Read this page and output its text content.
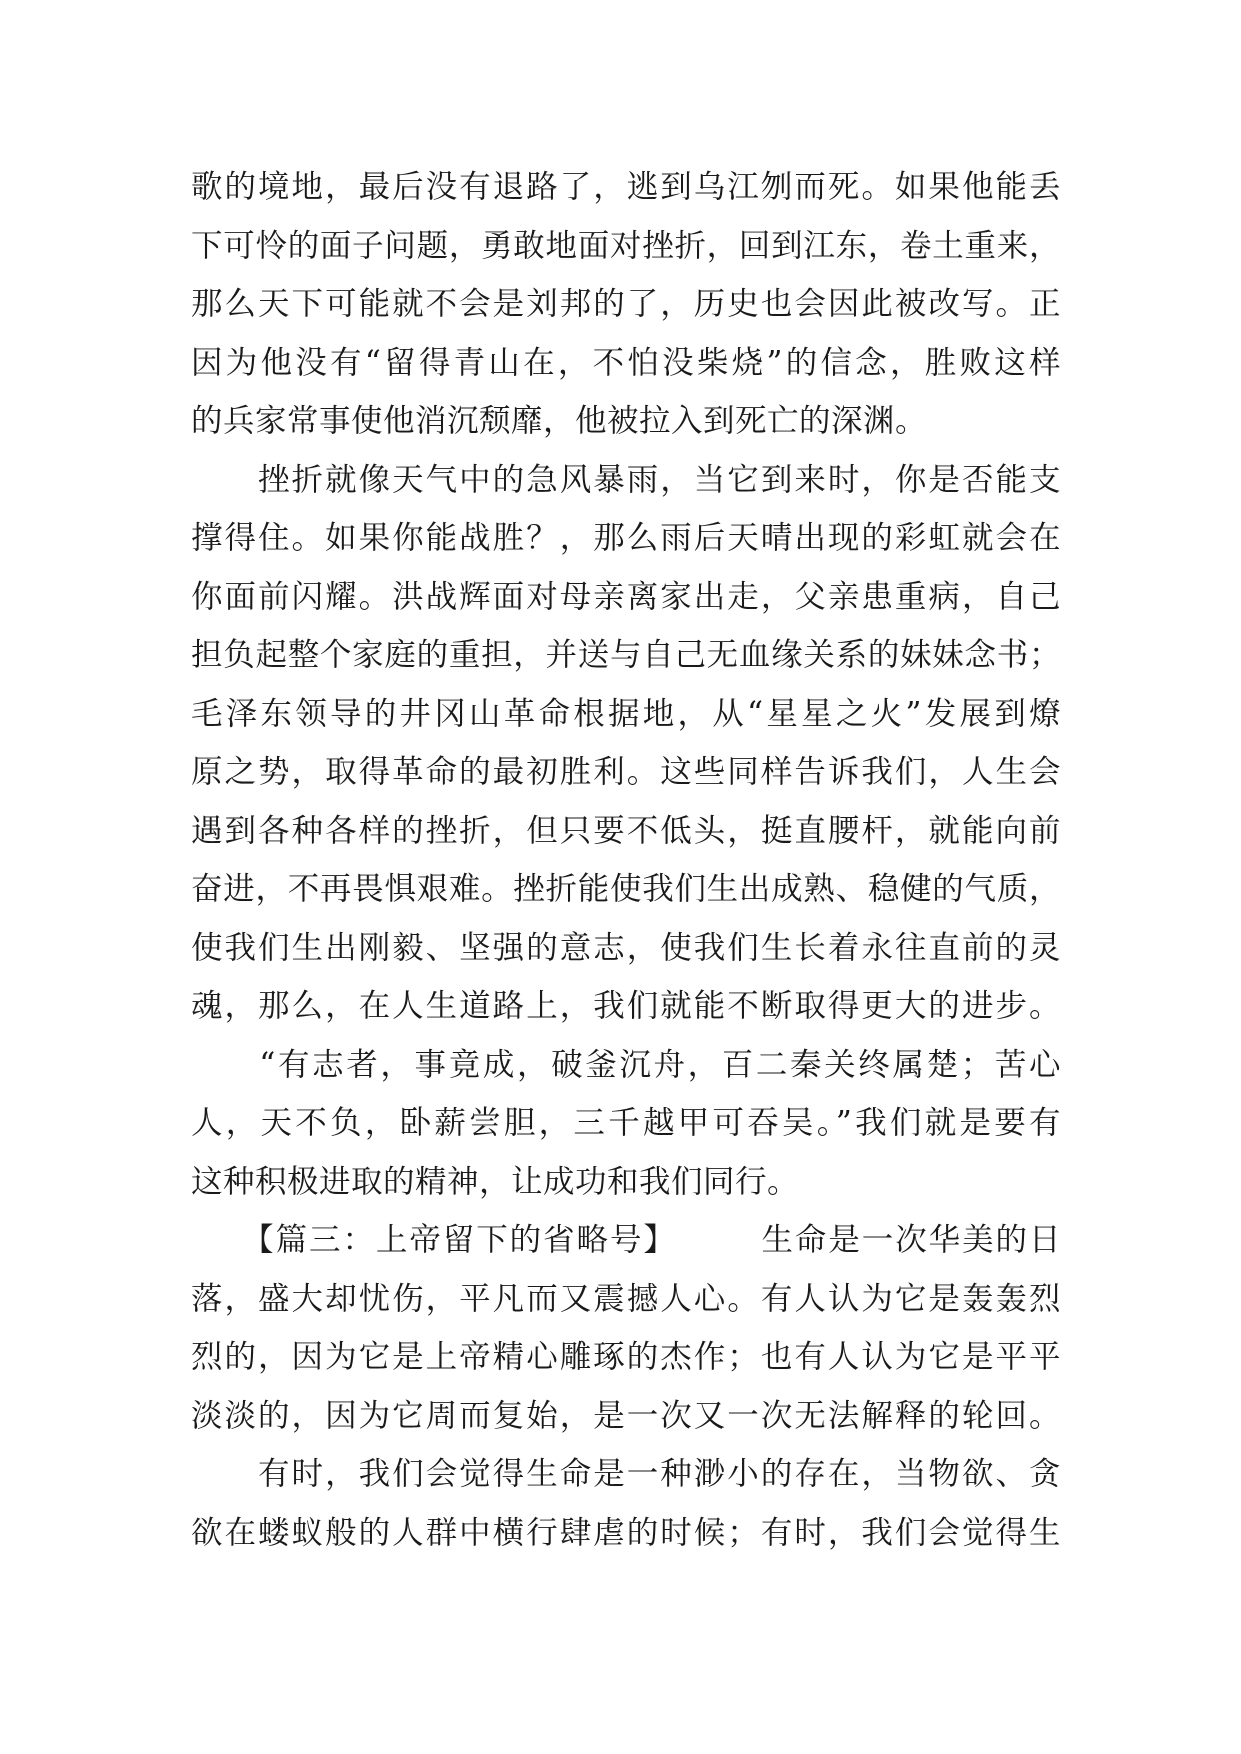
歌的境地，最后没有退路了，逃到乌江刎而死。如果他能丢
下可怜的面子问题，勇敢地面对挫折，回到江东，卷土重来，
那么天下可能就不会是刘邦的了，历史也会因此被改写。正
因为他没有“留得青山在，不怕没柴烧”的信念，胜败这样
的兵家常事使他消沉颓靡，他被拉入到死亡的深渊。
　　挫折就像天气中的急风暴雨，当它到来时，你是否能支
撑得住。如果你能战胜？，那么雨后天晴出现的彩虹就会在
你面前闪耀。洪战辉面对母亲离家出走，父亲患重病，自己
担负起整个家庭的重担，并送与自己无血缘关系的妹妹念书；
毛泽东领导的井冈山革命根据地，从“星星之火”发展到燎
原之势，取得革命的最初胜利。这些同样告诉我们，人生会
遇到各种各样的挫折，但只要不低头，挺直腰杆，就能向前
奋进，不再畏惧艰难。挫折能使我们生出成熟、稳健的气质，
使我们生出刚毅、坚强的意志，使我们生长着永往直前的灵
魂，那么，在人生道路上，我们就能不断取得更大的进步。
　　“有志者，事竟成，破釜沉舟，百二秦关终属楚；苦心
人，天不负，卧薪尝胆，三千越甲可吞吴。”我们就是要有
这种积极进取的精神，让成功和我们同行。
　　【篇三：上帝留下的省略号】　　　生命是一次华美的日
落，盛大却忧伤，平凡而又震撼人心。有人认为它是轰轰烈
烈的，因为它是上帝精心雕琢的杰作；也有人认为它是平平
淡淡的，因为它周而复始，是一次又一次无法解释的轮回。
　　有时，我们会觉得生命是一种渺小的存在，当物欲、贪
欲在蝼蚁般的人群中横行肆虐的时候；有时，我们会觉得生
